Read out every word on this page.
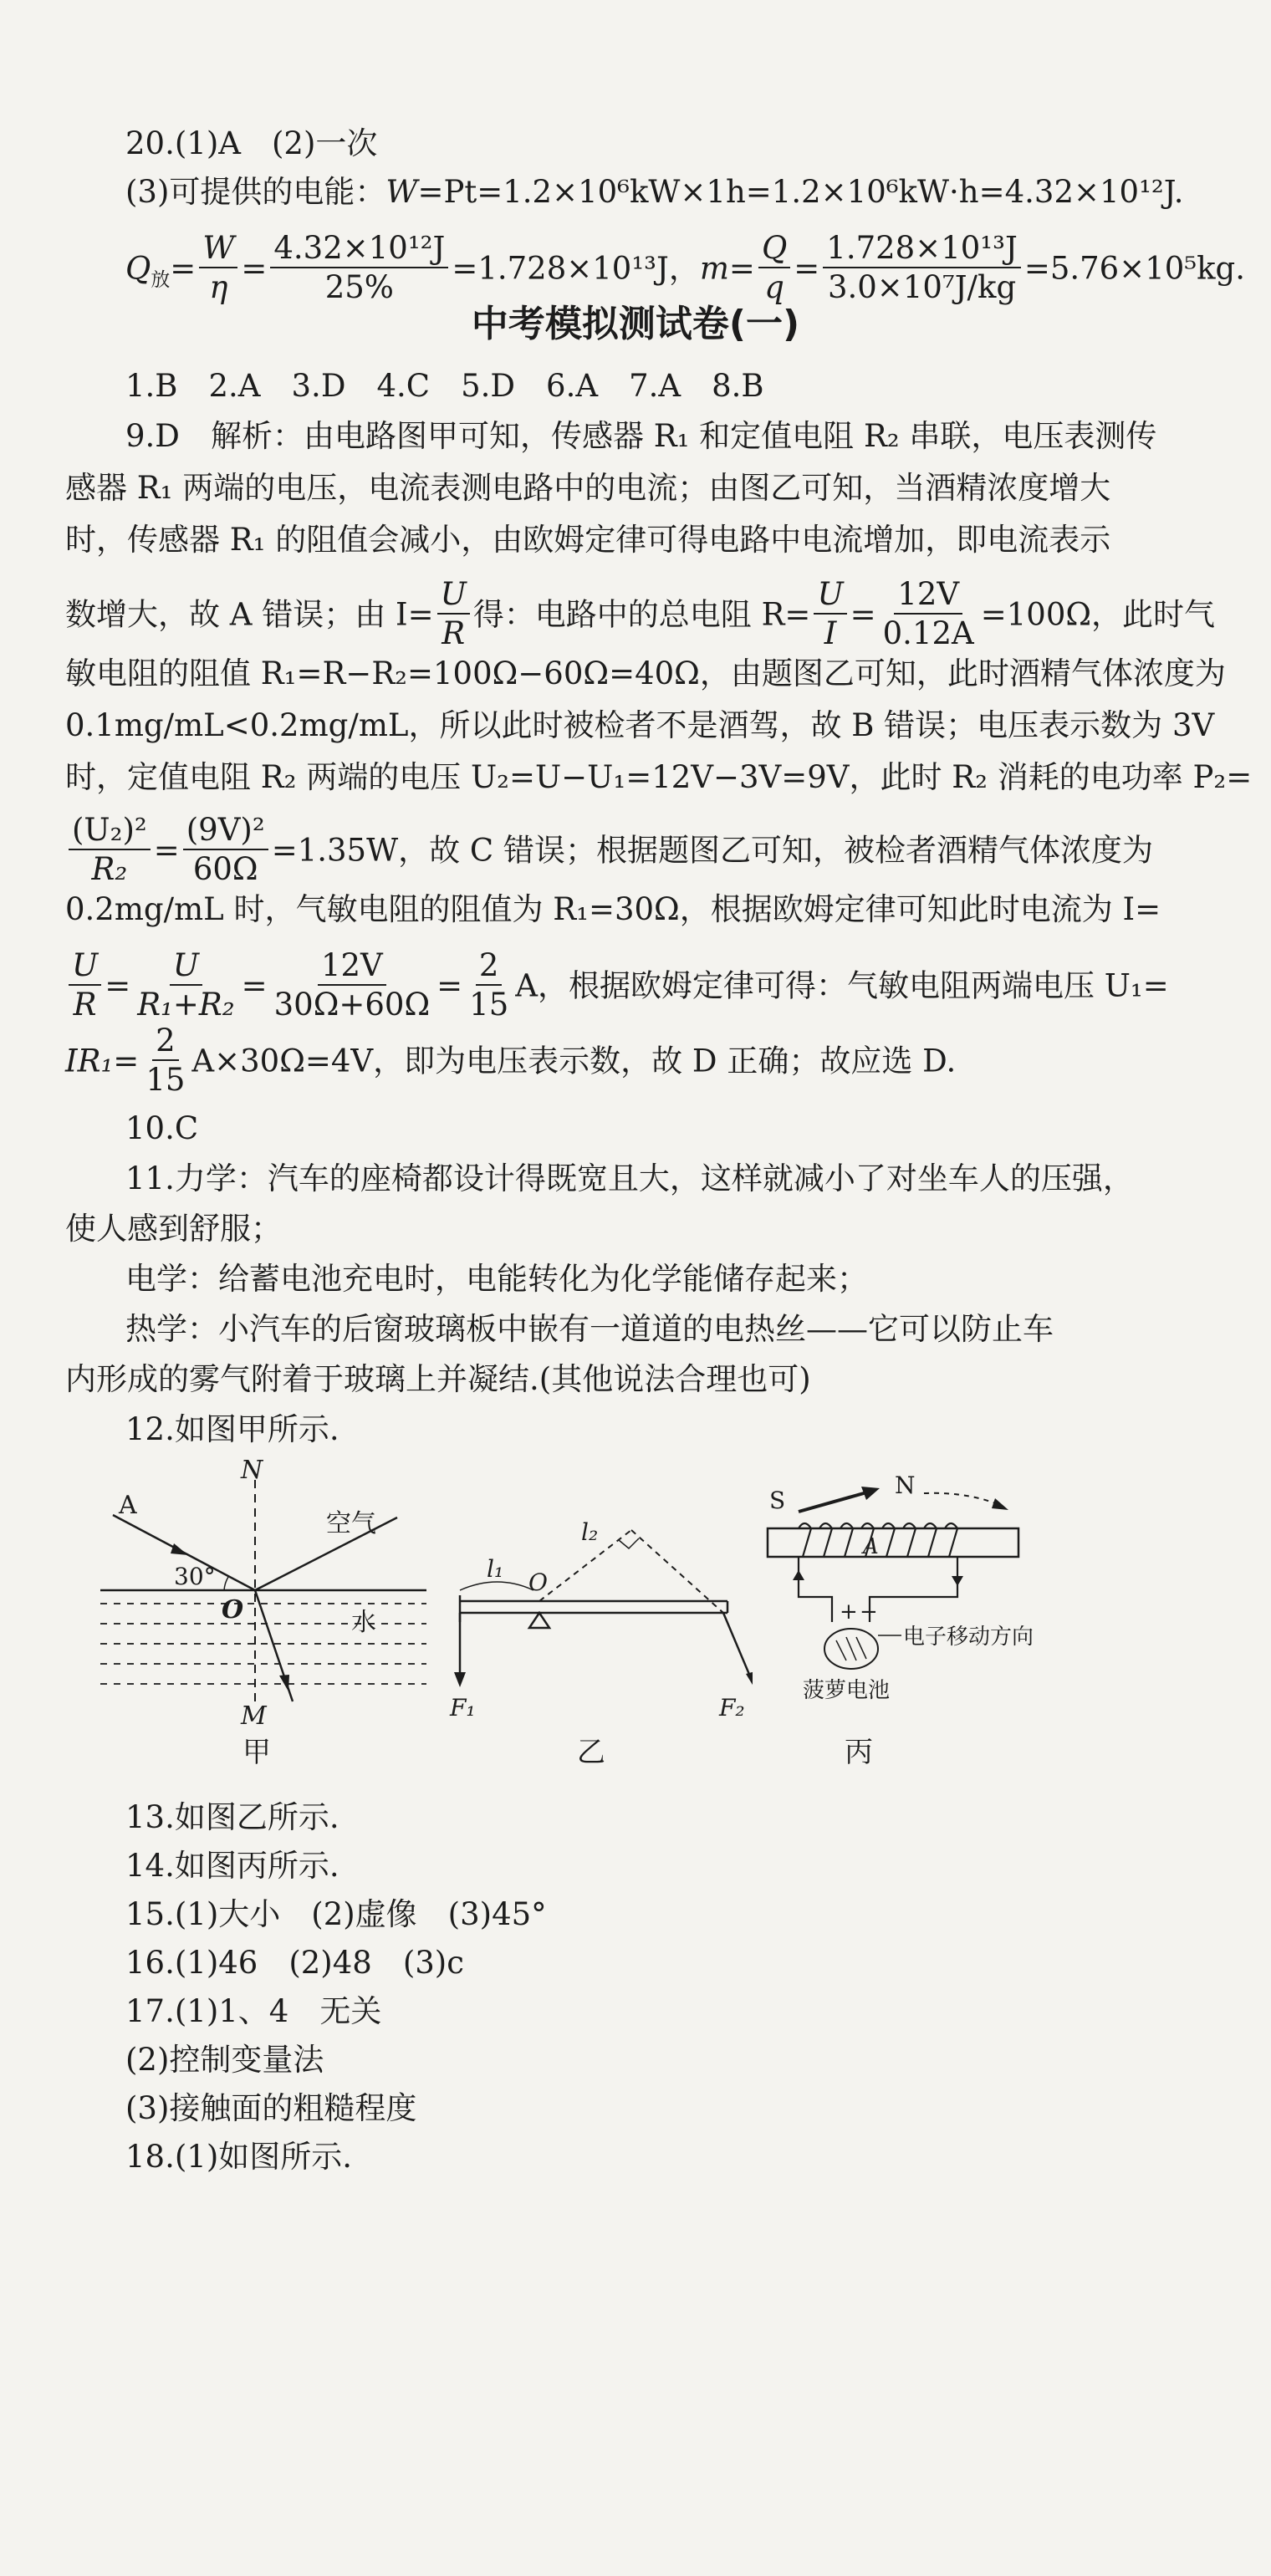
20.(1)A　(2)一次
(3)可提供的电能：W=Pt=1.2×10⁶kW×1h=1.2×10⁶kW·h=4.32×10¹²J.
$Q_放= \frac{W}{\eta} = \frac{\text{4.32×10¹²J}}{25\%} =1.728\times 10^{13}J$，$m= \frac{Q}{q} = \frac{\text{1.728×10¹³J}}{\text{3.0×10⁷J/kg}} =5.76\times 10^5kg$.
中考模拟测试卷(一)
1.B　2.A　3.D　4.C　5.D　6.A　7.A　8.B
9.D　解析：由电路图甲可知，传感器 R₁ 和定值电阻 R₂ 串联，电压表测传
感器 R₁ 两端的电压，电流表测电路中的电流；由图乙可知，当酒精浓度增大
时，传感器 R₁ 的阻值会减小，由欧姆定律可得电路中电流增加，即电流表示
数增大，故 A 错误；由 $I= \frac{U}{R}$ 得：电路中的总电阻 $R= \frac{U}{I} = \frac{12V}{0.12A} =100\Omega$，此时气
敏电阻的阻值 R₁=R−R₂=100Ω−60Ω=40Ω，由题图乙可知，此时酒精气体浓度为
0.1mg/mL<0.2mg/mL，所以此时被检者不是酒驾，故 B 错误；电压表示数为 3V
时，定值电阻 R₂ 两端的电压 U₂=U−U₁=12V−3V=9V，此时 R₂ 消耗的电功率 P₂=
$\frac{\text{(U₂)²}}{\text{R₂}} = \frac{\text{(9V)²}}{60\Omega} =1.35W$，故 C 错误；根据题图乙可知，被检者酒精气体浓度为
0.2mg/mL 时，气敏电阻的阻值为 R₁=30Ω，根据欧姆定律可知此时电流为 I=
$\frac{U}{R} = \frac{U}{\text{R₁+R₂}} = \frac{12V}{30\Omega+60\Omega} = \frac{2}{15}$ A，根据欧姆定律可得：气敏电阻两端电压 U₁=
$IR_1= \frac{2}{15} A\times 30\Omega=4V$，即为电压表示数，故 D 正确；故应选 D.
10.C
11.力学：汽车的座椅都设计得既宽且大，这样就减小了对坐车人的压强，
使人感到舒服；
电学：给蓄电池充电时，电能转化为化学能储存起来；
热学：小汽车的后窗玻璃板中嵌有一道道的电热丝——它可以防止车
内形成的雾气附着于玻璃上并凝结.(其他说法合理也可)
12.如图甲所示.
N
M
A
O
空气
水
30°
甲
l₁
l₂
O
F₁	F₂
乙
S
N
A
+ −
电子移动方向
菠萝电池
丙
13.如图乙所示.
14.如图丙所示.
15.(1)大小　(2)虚像　(3)45°
16.(1)46　(2)48　(3)c
17.(1)1、4　无关
(2)控制变量法
(3)接触面的粗糙程度
18.(1)如图所示.
